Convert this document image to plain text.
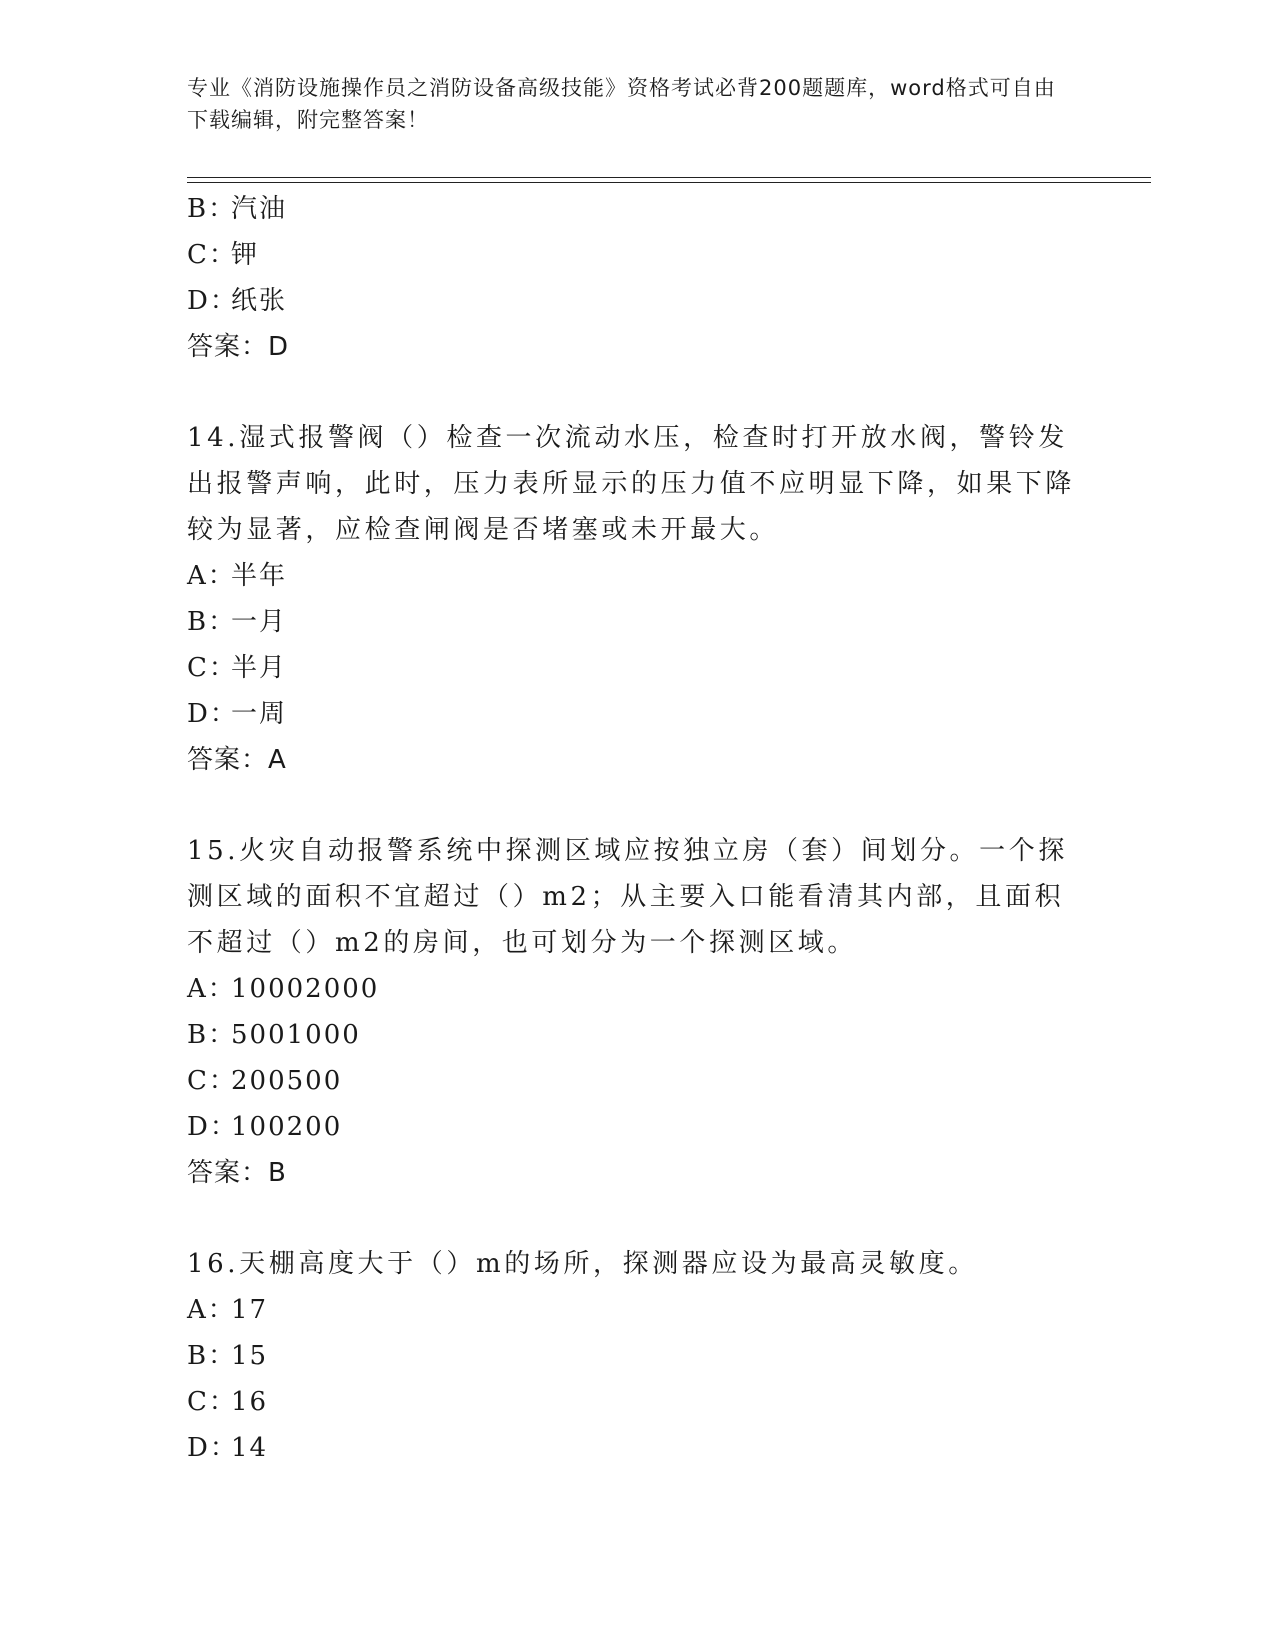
专业《消防设施操作员之消防设备高级技能》资格考试必背200题题库，word格式可自由下载编辑，附完整答案！
B：汽油
C：钾
D：纸张
答案：D

14.湿式报警阀（）检查一次流动水压，检查时打开放水阀，警铃发出报警声响，此时，压力表所显示的压力值不应明显下降，如果下降较为显著，应检查闸阀是否堵塞或未开最大。

A：半年
B：一月
C：半月
D：一周
答案：A

15.火灾自动报警系统中探测区域应按独立房（套）间划分。一个探测区域的面积不宜超过（）m2；从主要入口能看清其内部，且面积不超过（）m2的房间，也可划分为一个探测区域。

A：10002000
B：5001000
C：200500
D：100200
答案：B

16.天棚高度大于（）m的场所，探测器应设为最高灵敏度。

A：17
B：15
C：16
D：14
